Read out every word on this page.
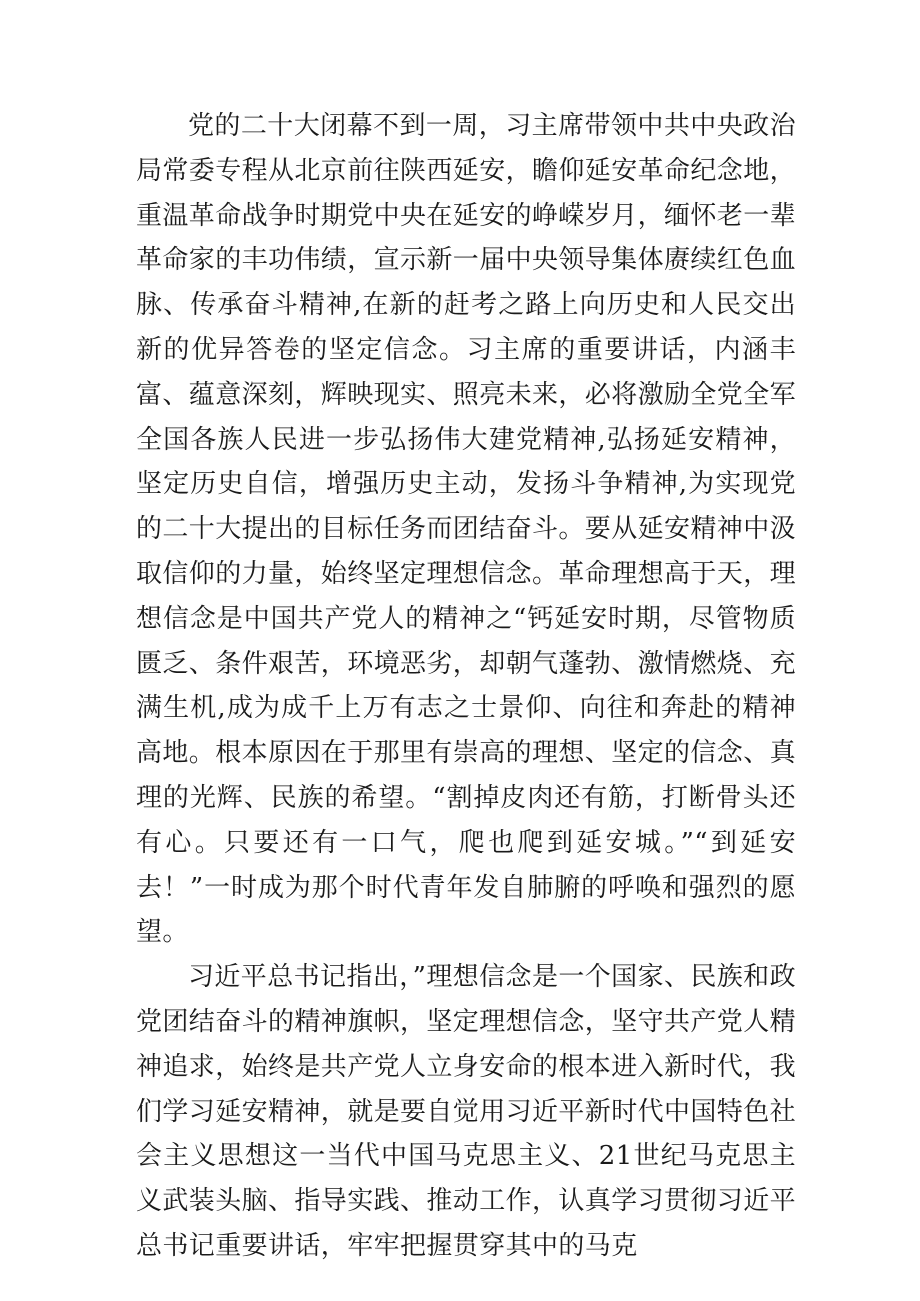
党的二十大闭幕不到一周，习主席带领中共中央政治局常委专程从北京前往陕西延安，瞻仰延安革命纪念地，重温革命战争时期党中央在延安的峥嵘岁月，缅怀老一辈革命家的丰功伟绩，宣示新一届中央领导集体赓续红色血脉、传承奋斗精神,在新的赶考之路上向历史和人民交出新的优异答卷的坚定信念。习主席的重要讲话，内涵丰富、蕴意深刻，辉映现实、照亮未来，必将激励全党全军全国各族人民进一步弘扬伟大建党精神,弘扬延安精神，坚定历史自信，增强历史主动，发扬斗争精神,为实现党的二十大提出的目标任务而团结奋斗。要从延安精神中汲取信仰的力量，始终坚定理想信念。革命理想高于天，理想信念是中国共产党人的精神之“钙延安时期，尽管物质匮乏、条件艰苦，环境恶劣，却朝气蓬勃、激情燃烧、充满生机,成为成千上万有志之士景仰、向往和奔赴的精神高地。根本原因在于那里有崇高的理想、坚定的信念、真理的光辉、民族的希望。“割掉皮肉还有筋，打断骨头还有心。只要还有一口气，爬也爬到延安城。”“到延安去！”一时成为那个时代青年发自肺腑的呼唤和强烈的愿望。

习近平总书记指出，”理想信念是一个国家、民族和政党团结奋斗的精神旗帜，坚定理想信念，坚守共产党人精神追求，始终是共产党人立身安命的根本进入新时代，我们学习延安精神，就是要自觉用习近平新时代中国特色社会主义思想这一当代中国马克思主义、21世纪马克思主义武装头脑、指导实践、推动工作，认真学习贯彻习近平总书记重要讲话，牢牢把握贯穿其中的马克
